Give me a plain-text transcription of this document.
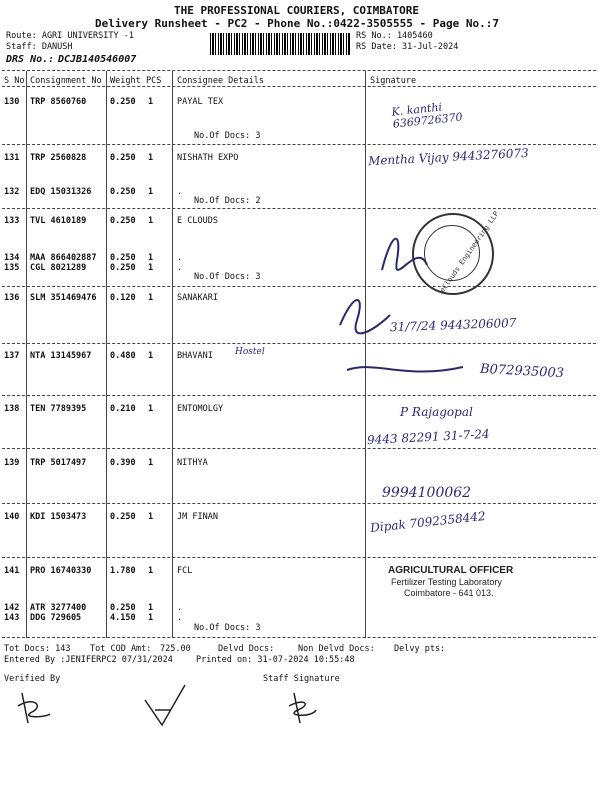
THE PROFESSIONAL COURIERS, COIMBATORE
Delivery Runsheet - PC2 - Phone No.:0422-3505555 - Page No.:7
Route: AGRI UNIVERSITY -1
Staff: DANUSH
DRS No.: DCJB140546007
RS No.: 1405460
RS Date: 31-Jul-2024
S No Consignment No Weight PCS Consignee Details	Signature
130 TRP 8560760	0.250 1	PAYAL TEX
No.Of Docs: 3
K. kanthi 6369726370
131 TRP 2560828	0.250 1	NISHATH EXPO	Mentha Vijay 9443276073
132 EDQ 15031326 0.250 1	.
No.Of Docs: 2
133 TVL 4610189	0.250 1	E CLOUDS
134 MAA 866402887 0.250 1	.
135 CGL 8021289	0.250 1	.
No.Of Docs: 3	eClouds Engineering LLP
136 SLM 351469476 0.120 1	SANAKARI
31/7/24 9443206007
137 NTA 13145967 0.480 1	BHAVANI Hostel
B072935003
138 TEN 7789395	0.210 1	ENTOMOLGY	P Rajagopal
9443 82291 31-7-24
139 TRP 5017497	0.390 1	NITHYA
9994100062
140 KDI 1503473	0.250 1	JM FINAN	Dipak 7092358442
141 PRO 16740330 1.780 1	FCL	AGRICULTURAL OFFICER
Fertilizer Testing Laboratory
Coimbatore - 641 013.
142 ATR 3277400	0.250 1	.
143 DDG 729605	4.150 1	.
No.Of Docs: 3
Tot Docs: 143 Tot COD Amt: 725.00	Delvd Docs:	Non Delvd Docs: Delvy pts:
Entered By :JENIFERPC2 07/31/2024	Printed on: 31-07-2024 10:55:48
Verified By	Staff Signature
